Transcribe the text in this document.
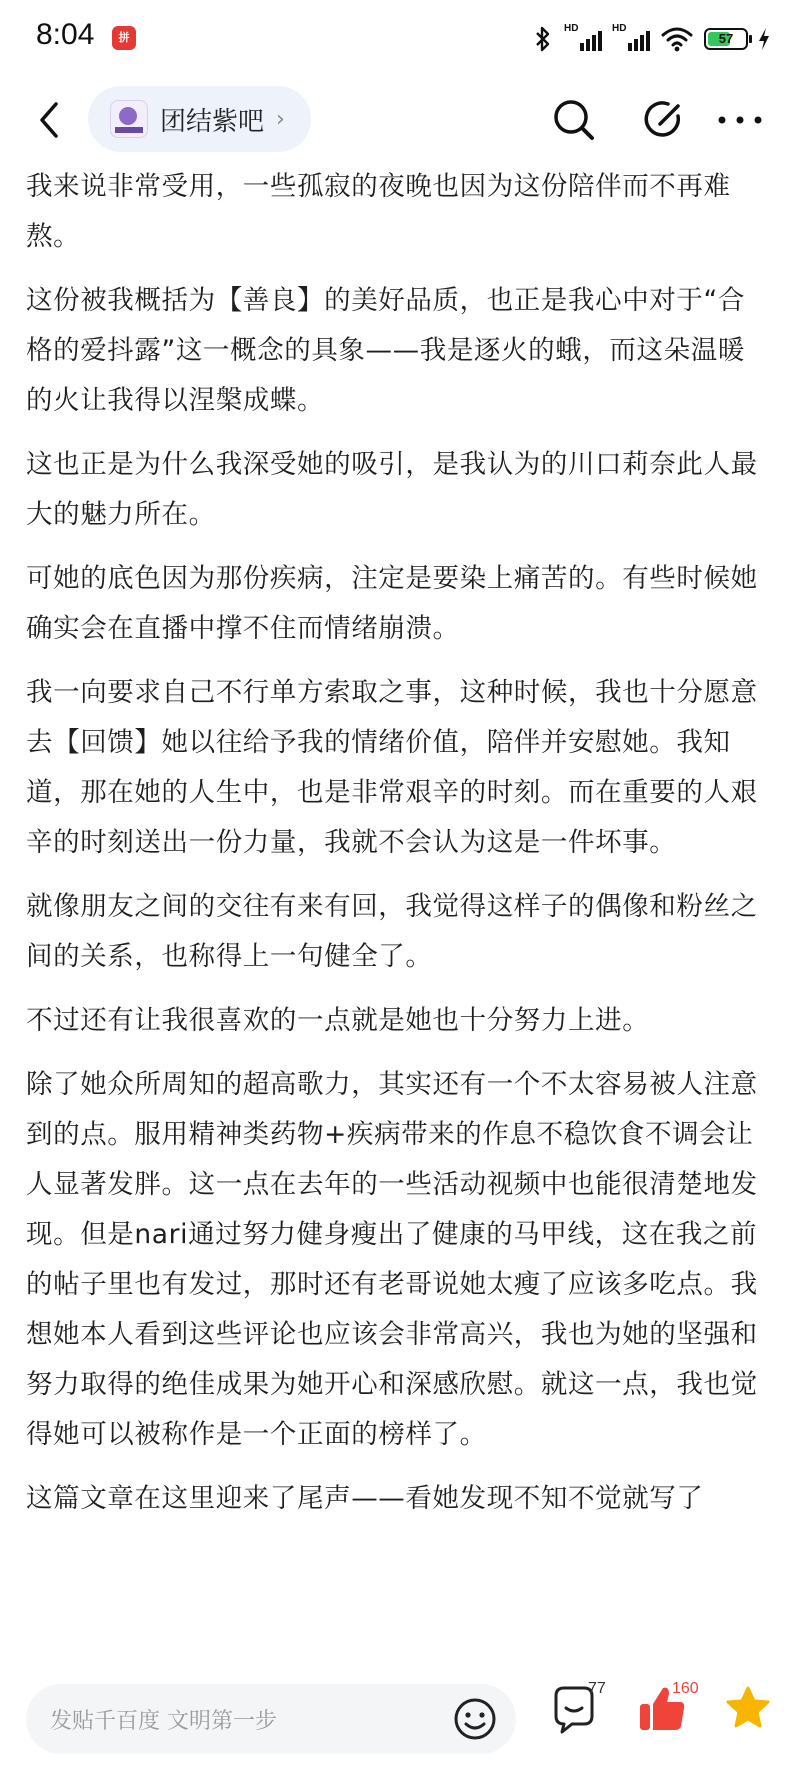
8:04	拼
HD	HD
57
团结紫吧 ›

我来说非常受用，一些孤寂的夜晚也因为这份陪伴而不再难熬。

这份被我概括为【善良】的美好品质，也正是我心中对于“合格的爱抖露”这一概念的具象——我是逐火的蛾，而这朵温暖的火让我得以涅槃成蝶。

这也正是为什么我深受她的吸引，是我认为的川口莉奈此人最大的魅力所在。

可她的底色因为那份疾病，注定是要染上痛苦的。有些时候她确实会在直播中撑不住而情绪崩溃。

我一向要求自己不行单方索取之事，这种时候，我也十分愿意去【回馈】她以往给予我的情绪价值，陪伴并安慰她。我知道，那在她的人生中，也是非常艰辛的时刻。而在重要的人艰辛的时刻送出一份力量，我就不会认为这是一件坏事。

就像朋友之间的交往有来有回，我觉得这样子的偶像和粉丝之间的关系，也称得上一句健全了。

不过还有让我很喜欢的一点就是她也十分努力上进。

除了她众所周知的超高歌力，其实还有一个不太容易被人注意到的点。服用精神类药物+疾病带来的作息不稳饮食不调会让人显著发胖。这一点在去年的一些活动视频中也能很清楚地发现。但是nari通过努力健身瘦出了健康的马甲线，这在我之前的帖子里也有发过，那时还有老哥说她太瘦了应该多吃点。我想她本人看到这些评论也应该会非常高兴，我也为她的坚强和努力取得的绝佳成果为她开心和深感欣慰。就这一点，我也觉得她可以被称作是一个正面的榜样了。

这篇文章在这里迎来了尾声——看她发现不知不觉就写了

发贴千百度 文明第一步
77	160
